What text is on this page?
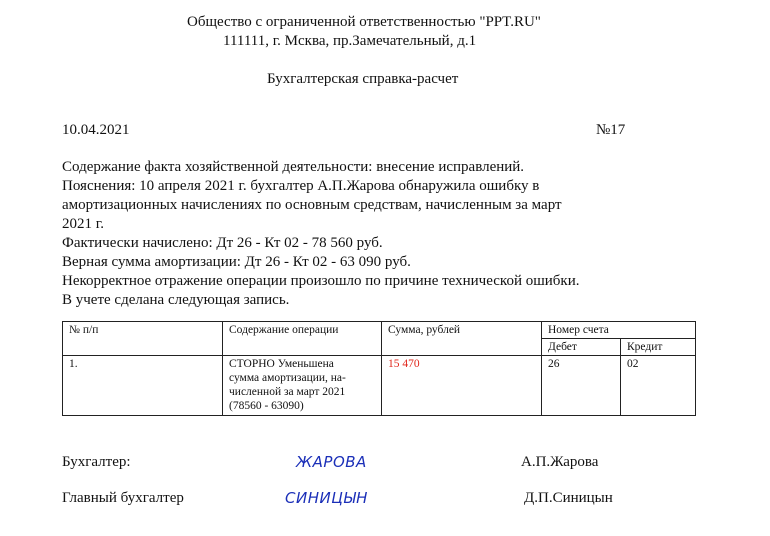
Общество с ограниченной ответственностью "PPT.RU"
111111, г. Мсква, пр.Замечательный, д.1
Бухгалтерская справка-расчет
10.04.2021	№17
Содержание факта хозяйственной деятельности: внесение исправлений.
Пояснения: 10 апреля 2021 г. бухгалтер А.П.Жарова обнаружила ошибку в
амортизационных начислениях по основным средствам, начисленным за март
2021 г.
Фактически начислено: Дт 26 - Кт 02 - 78 560 руб.
Верная сумма амортизации: Дт 26 - Кт 02 - 63 090 руб.
Некорректное отражение операции произошло по причине технической ошибки.
В учете сделана следующая запись.
№ п/п	Содержание операции	Сумма, рублей	Номер счета	
			Дебет	Кредит
1.	СТОРНО Уменьшена
сумма амортизации, на-
численной за март 2021
(78560 - 63090)	15 470	26	02
Бухгалтер:	ЖАРОВА	А.П.Жарова
Главный бухгалтер	СИНИЦЫН	Д.П.Синицын
